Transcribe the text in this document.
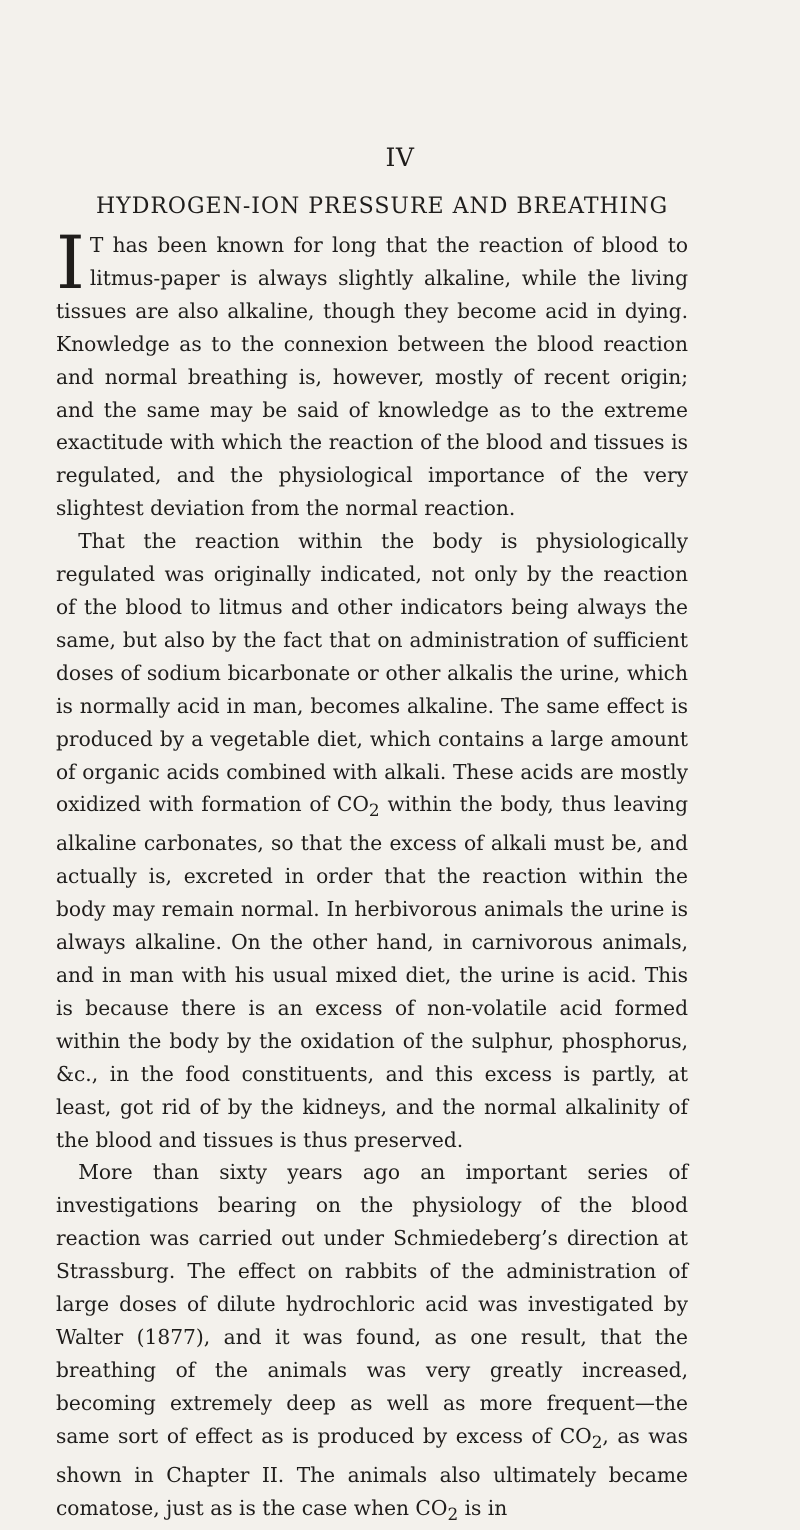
IV
HYDROGEN-ION PRESSURE AND BREATHING

I T has been known for long that the reaction of blood to litmus-paper is always slightly alkaline, while the living tissues are also alkaline, though they become acid in dying. Knowledge as to the connexion between the blood reaction and normal breathing is, however, mostly of recent origin; and the same may be said of knowledge as to the extreme exactitude with which the reaction of the blood and tissues is regulated, and the physiological importance of the very slightest deviation from the normal reaction.

That the reaction within the body is physiologically regulated was originally indicated, not only by the reaction of the blood to litmus and other indicators being always the same, but also by the fact that on administration of sufficient doses of sodium bicarbonate or other alkalis the urine, which is normally acid in man, becomes alkaline. The same effect is produced by a vegetable diet, which contains a large amount of organic acids combined with alkali. These acids are mostly oxidized with formation of $CO_2$ within the body, thus leaving alkaline carbonates, so that the excess of alkali must be, and actually is, excreted in order that the reaction within the body may remain normal. In herbivorous animals the urine is always alkaline. On the other hand, in carnivorous animals, and in man with his usual mixed diet, the urine is acid. This is because there is an excess of non-volatile acid formed within the body by the oxidation of the sulphur, phosphorus, &c., in the food constituents, and this excess is partly, at least, got rid of by the kidneys, and the normal alkalinity of the blood and tissues is thus preserved.

More than sixty years ago an important series of investigations bearing on the physiology of the blood reaction was carried out under Schmiedeberg’s direction at Strassburg. The effect on rabbits of the administration of large doses of dilute hydrochloric acid was investigated by Walter (1877), and it was found, as one result, that the breathing of the animals was very greatly increased, becoming extremely deep as well as more frequent—the same sort of effect as is produced by excess of $CO_2$, as was shown in Chapter II. The animals also ultimately became comatose, just as is the case when $CO_2$ is in
